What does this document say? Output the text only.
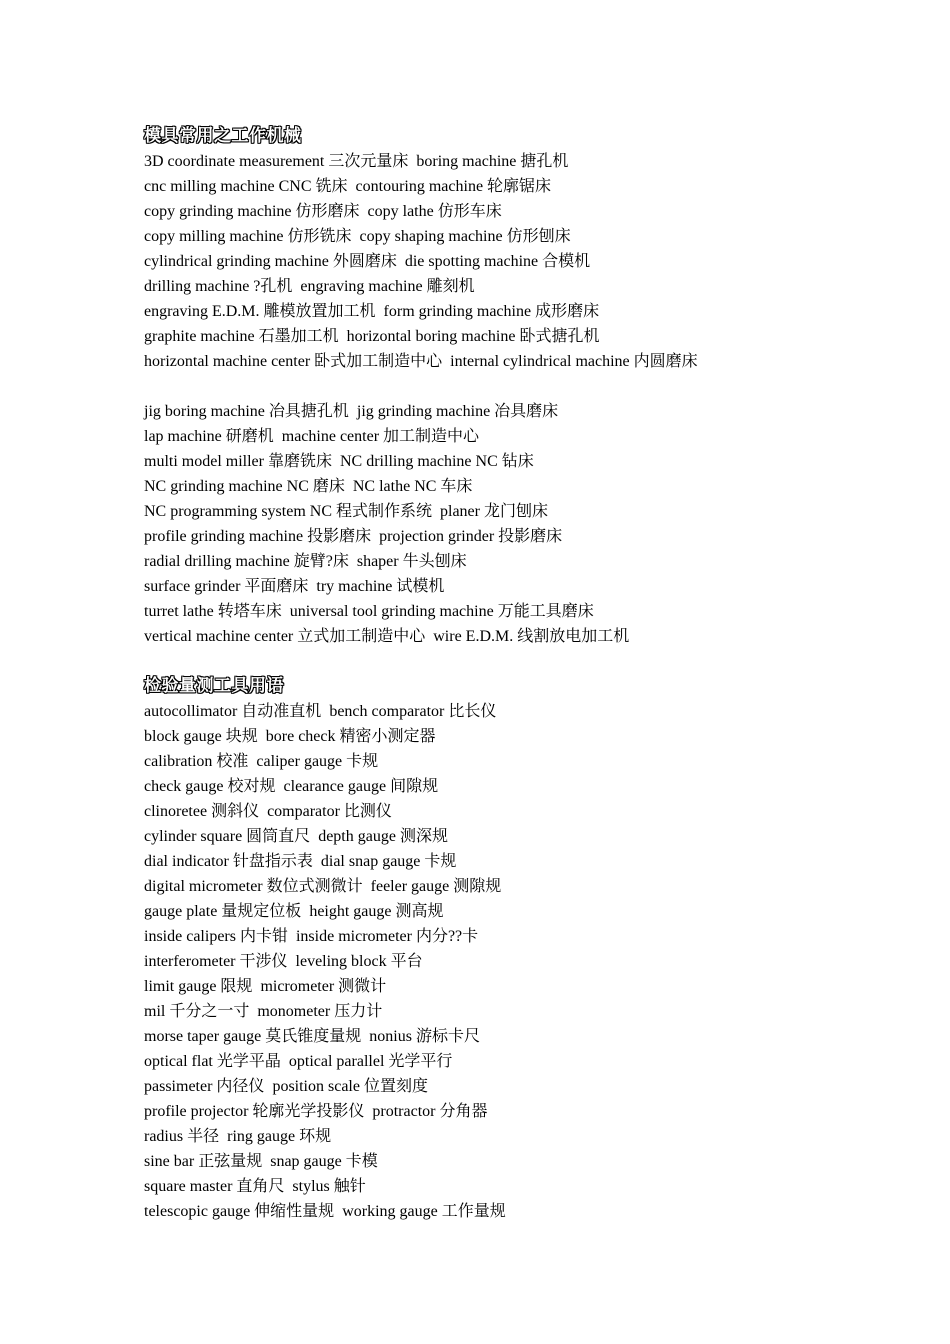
模具常用之工作机械
3D coordinate measurement 三次元量床 boring machine 搪孔机
cnc milling machine CNC 铣床 contouring machine 轮廓锯床
copy grinding machine 仿形磨床 copy lathe 仿形车床
copy milling machine 仿形铣床 copy shaping machine 仿形刨床
cylindrical grinding machine 外圆磨床 die spotting machine 合模机
drilling machine ?孔机 engraving machine 雕刻机
engraving E.D.M. 雕模放置加工机 form grinding machine 成形磨床
graphite machine 石墨加工机 horizontal boring machine 卧式搪孔机
horizontal machine center 卧式加工制造中心 internal cylindrical machine 内圆磨床
jig boring machine 冶具搪孔机 jig grinding machine 冶具磨床
lap machine 研磨机 machine center 加工制造中心
multi model miller 靠磨铣床 NC drilling machine NC 钻床
NC grinding machine NC 磨床 NC lathe NC 车床
NC programming system NC 程式制作系统 planer 龙门刨床
profile grinding machine 投影磨床 projection grinder 投影磨床
radial drilling machine 旋臂?床 shaper 牛头刨床
surface grinder 平面磨床 try machine 试模机
turret lathe 转塔车床 universal tool grinding machine 万能工具磨床
vertical machine center 立式加工制造中心 wire E.D.M. 线割放电加工机
检验量测工具用语
autocollimator 自动准直机 bench comparator 比长仪
block gauge 块规 bore check 精密小测定器
calibration 校准 caliper gauge 卡规
check gauge 校对规 clearance gauge 间隙规
clinoretee 测斜仪 comparator 比测仪
cylinder square 圆筒直尺 depth gauge 测深规
dial indicator 针盘指示表 dial snap gauge 卡规
digital micrometer 数位式测微计 feeler gauge 测隙规
gauge plate 量规定位板 height gauge 测高规
inside calipers 内卡钳 inside micrometer 内分??卡
interferometer 干涉仪 leveling block 平台
limit gauge 限规 micrometer 测微计
mil 千分之一寸 monometer 压力计
morse taper gauge 莫氏锥度量规 nonius 游标卡尺
optical flat 光学平晶 optical parallel 光学平行
passimeter 内径仪 position scale 位置刻度
profile projector 轮廓光学投影仪 protractor 分角器
radius 半径 ring gauge 环规
sine bar 正弦量规 snap gauge 卡模
square master 直角尺 stylus 触针
telescopic gauge 伸缩性量规 working gauge 工作量规
